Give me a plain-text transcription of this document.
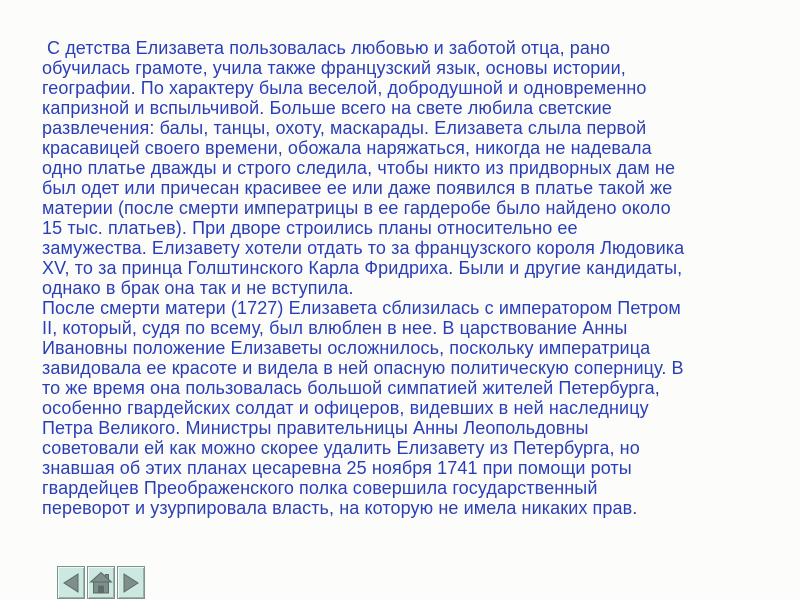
С детства Елизавета пользовалась любовью и заботой отца, рано
обучилась грамоте, учила также французский язык, основы истории,
географии. По характеру была веселой, добродушной и одновременно
капризной и вспыльчивой. Больше всего на свете любила светские
развлечения: балы, танцы, охоту, маскарады. Елизавета слыла первой
красавицей своего времени, обожала наряжаться, никогда не надевала
одно платье дважды и строго следила, чтобы никто из придворных дам не
был одет или причесан красивее ее или даже появился в платье такой же
материи (после смерти императрицы в ее гардеробе было найдено около
15 тыс. платьев). При дворе строились планы относительно ее
замужества. Елизавету хотели отдать то за французского короля Людовика
XV, то за принца Голштинского Карла Фридриха. Были и другие кандидаты,
однако в брак она так и не вступила.
После смерти матери (1727) Елизавета сблизилась с императором Петром
II, который, судя по всему, был влюблен в нее. В царствование Анны
Ивановны положение Елизаветы осложнилось, поскольку императрица
завидовала ее красоте и видела в ней опасную политическую соперницу. В
то же время она пользовалась большой симпатией жителей Петербурга,
особенно гвардейских солдат и офицеров, видевших в ней наследницу
Петра Великого. Министры правительницы Анны Леопольдовны
советовали ей как можно скорее удалить Елизавету из Петербурга, но
знавшая об этих планах цесаревна 25 ноября 1741 при помощи роты
гвардейцев Преображенского полка совершила государственный
переворот и узурпировала власть, на которую не имела никаких прав.
